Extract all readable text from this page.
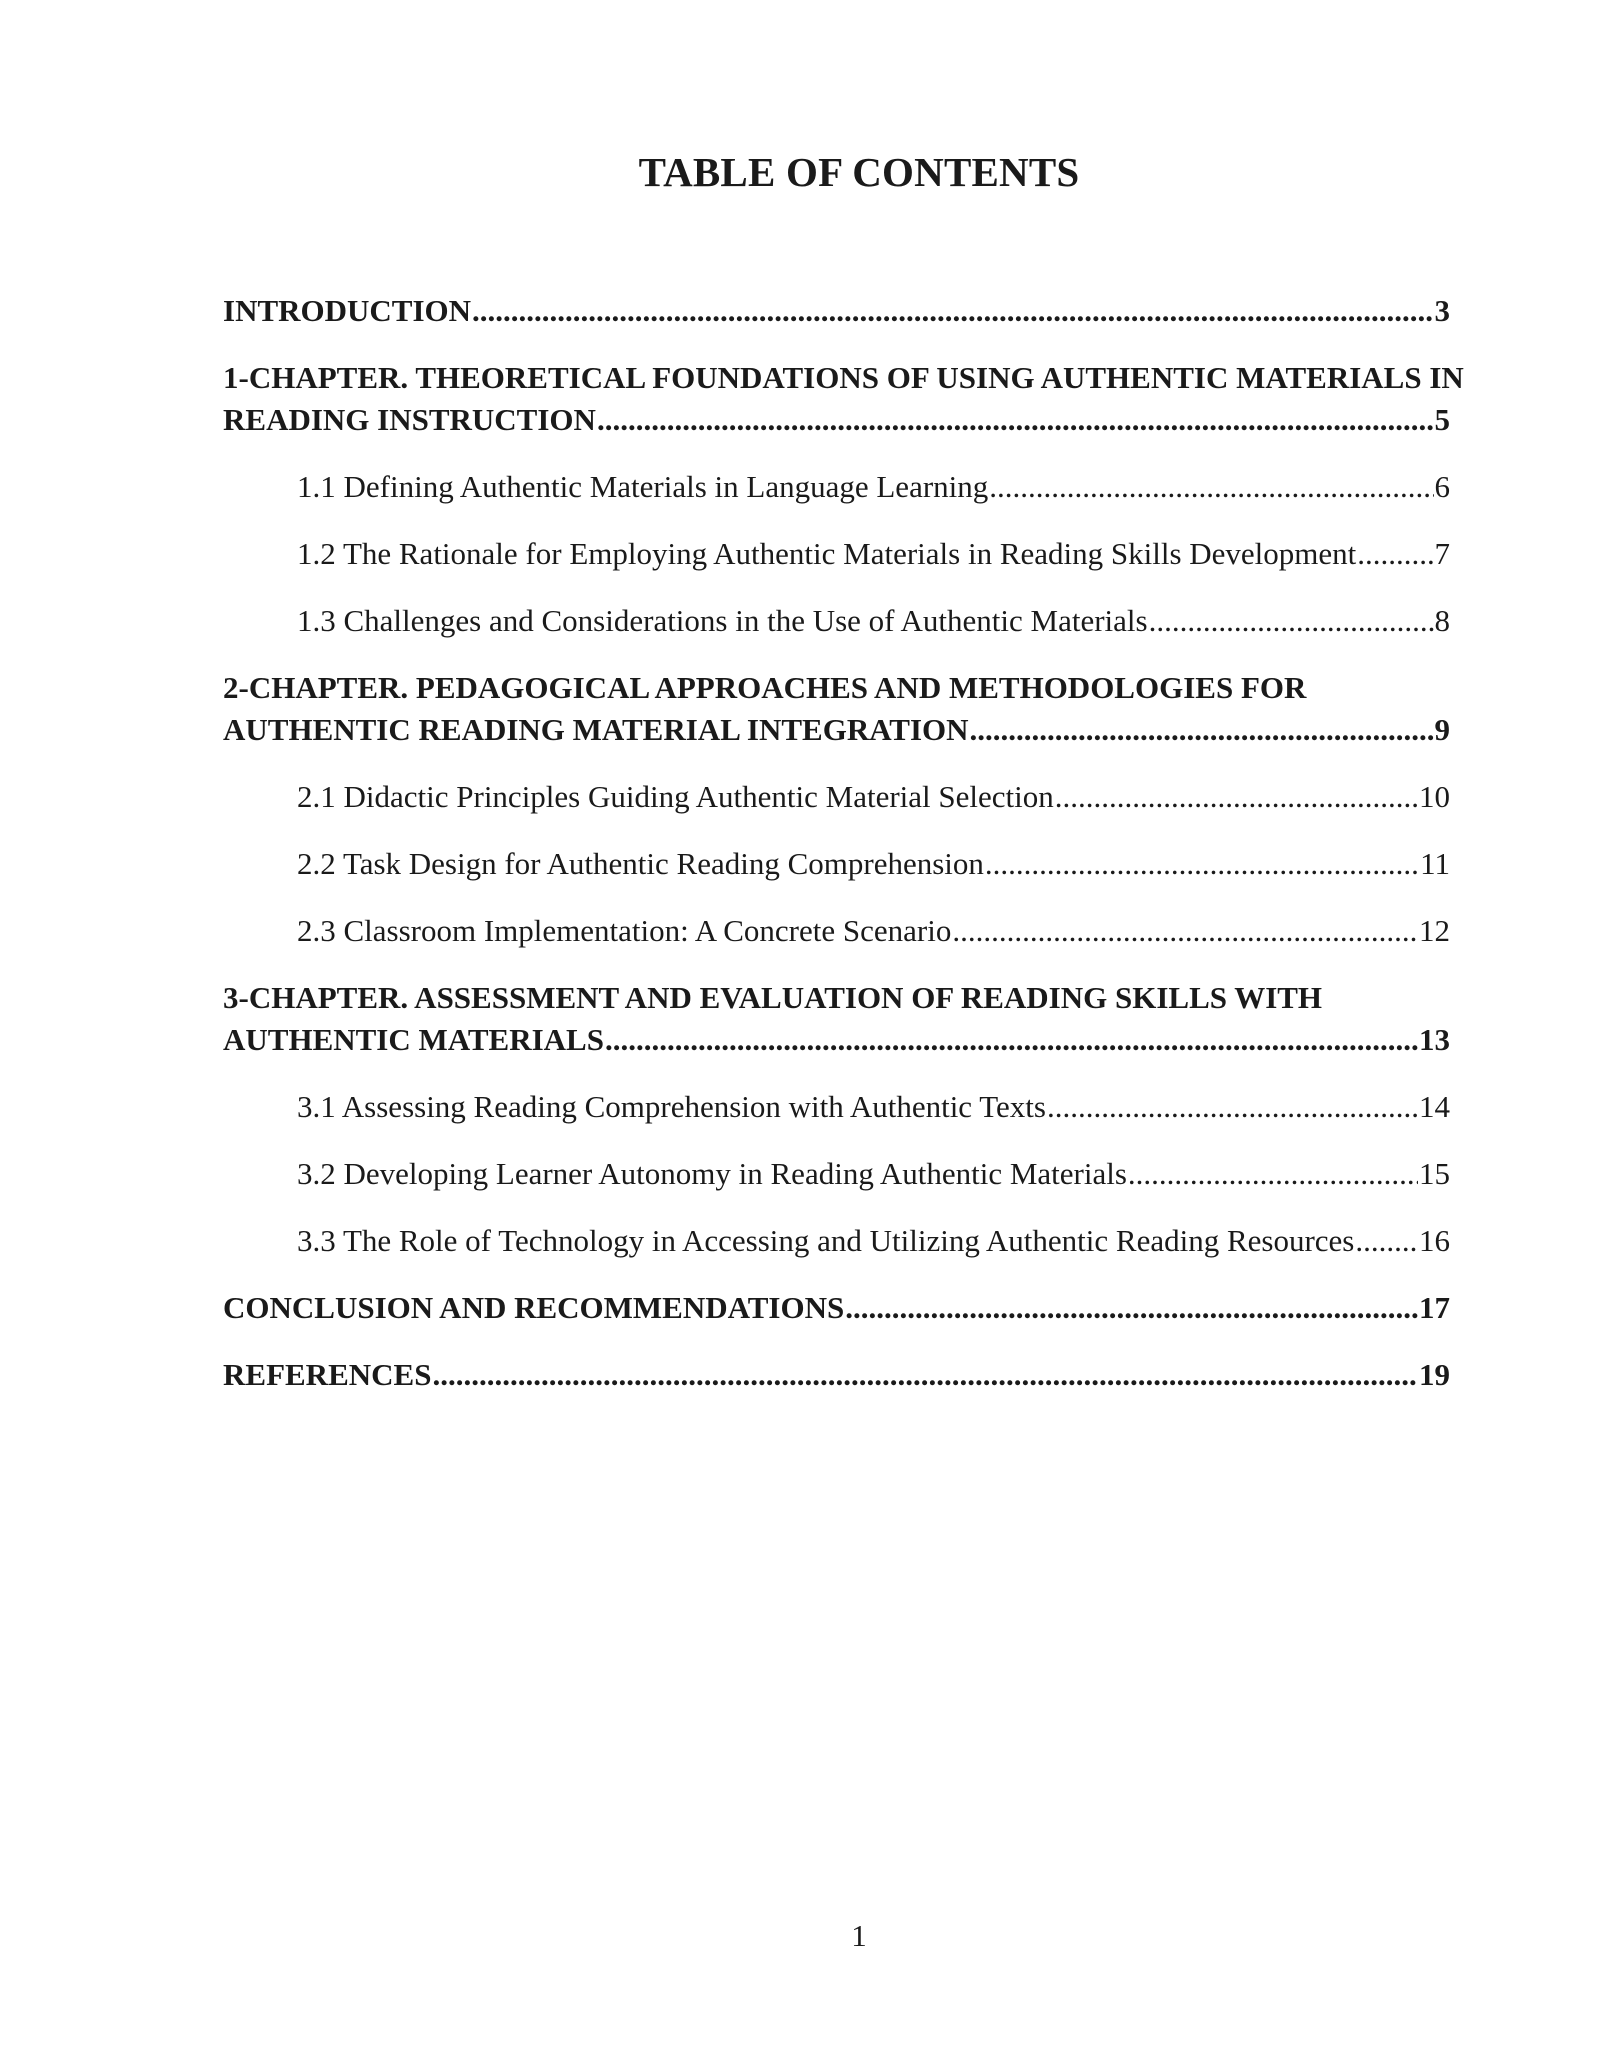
TABLE OF CONTENTS
INTRODUCTION .....	3
1-CHAPTER. THEORETICAL FOUNDATIONS OF USING AUTHENTIC MATERIALS IN
READING INSTRUCTION .....	5
1.1 Defining Authentic Materials in Language Learning .....	6
1.2 The Rationale for Employing Authentic Materials in Reading Skills Development .....	7
1.3 Challenges and Considerations in the Use of Authentic Materials .....	8
2-CHAPTER. PEDAGOGICAL APPROACHES AND METHODOLOGIES FOR
AUTHENTIC READING MATERIAL INTEGRATION .....	9
2.1 Didactic Principles Guiding Authentic Material Selection .....	10
2.2 Task Design for Authentic Reading Comprehension .....	11
2.3 Classroom Implementation: A Concrete Scenario .....	12
3-CHAPTER. ASSESSMENT AND EVALUATION OF READING SKILLS WITH
AUTHENTIC MATERIALS .....	13
3.1 Assessing Reading Comprehension with Authentic Texts .....	14
3.2 Developing Learner Autonomy in Reading Authentic Materials .....	15
3.3 The Role of Technology in Accessing and Utilizing Authentic Reading Resources ..... 16
CONCLUSION AND RECOMMENDATIONS .....	17
REFERENCES .....	19
1
